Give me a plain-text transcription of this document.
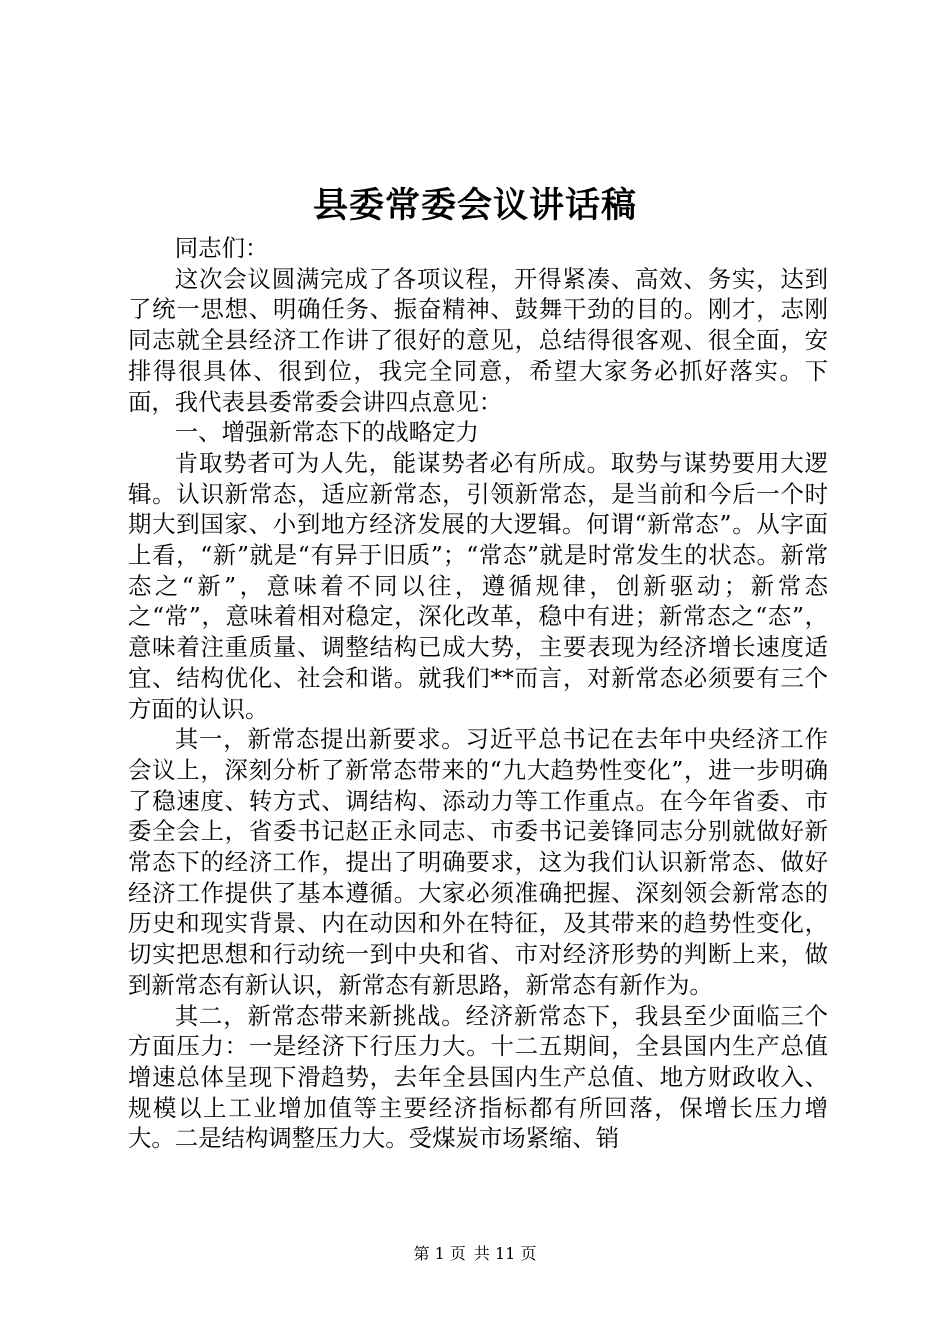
县委常委会议讲话稿

同志们：

这次会议圆满完成了各项议程，开得紧凑、高效、务实，达到了统一思想、明确任务、振奋精神、鼓舞干劲的目的。刚才，志刚同志就全县经济工作讲了很好的意见，总结得很客观、很全面，安排得很具体、很到位，我完全同意，希望大家务必抓好落实。下面，我代表县委常委会讲四点意见：

一、增强新常态下的战略定力

肯取势者可为人先，能谋势者必有所成。取势与谋势要用大逻辑。认识新常态，适应新常态，引领新常态，是当前和今后一个时期大到国家、小到地方经济发展的大逻辑。何谓“新常态”。从字面上看，“新”就是“有异于旧质”；“常态”就是时常发生的状态。新常态之“新”，意味着不同以往，遵循规律，创新驱动；新常态之“常”，意味着相对稳定，深化改革，稳中有进；新常态之“态”，意味着注重质量、调整结构已成大势，主要表现为经济增长速度适宜、结构优化、社会和谐。就我们**而言，对新常态必须要有三个方面的认识。

其一，新常态提出新要求。习近平总书记在去年中央经济工作会议上，深刻分析了新常态带来的“九大趋势性变化”，进一步明确了稳速度、转方式、调结构、添动力等工作重点。在今年省委、市委全会上，省委书记赵正永同志、市委书记姜锋同志分别就做好新常态下的经济工作，提出了明确要求，这为我们认识新常态、做好经济工作提供了基本遵循。大家必须准确把握、深刻领会新常态的历史和现实背景、内在动因和外在特征，及其带来的趋势性变化，切实把思想和行动统一到中央和省、市对经济形势的判断上来，做到新常态有新认识，新常态有新思路，新常态有新作为。

其二，新常态带来新挑战。经济新常态下，我县至少面临三个方面压力：一是经济下行压力大。十二五期间，全县国内生产总值增速总体呈现下滑趋势，去年全县国内生产总值、地方财政收入、规模以上工业增加值等主要经济指标都有所回落，保增长压力增大。二是结构调整压力大。受煤炭市场紧缩、销

第 1 页 共 11 页
